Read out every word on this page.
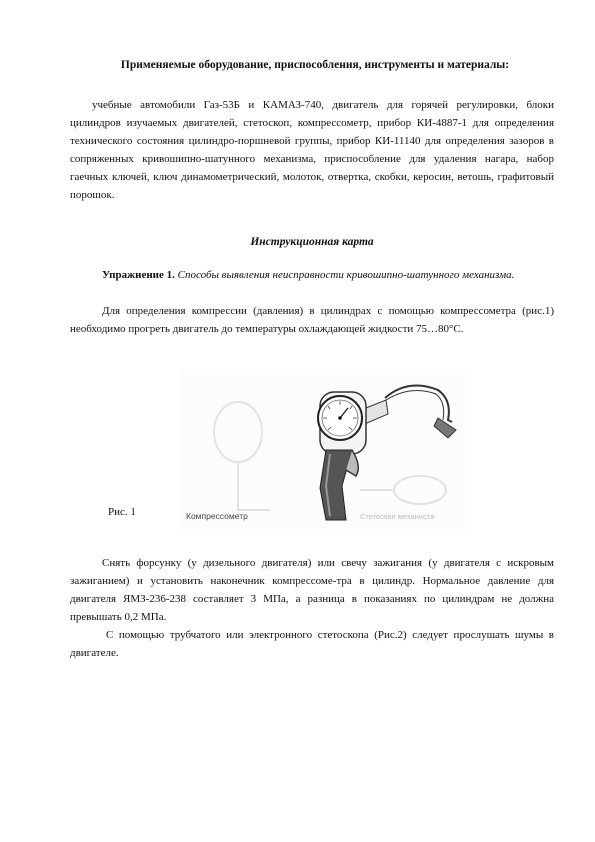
Применяемые оборудование, приспособления, инструменты и материалы:
учебные автомобили Газ-53Б и КАМАЗ-740, двигатель для горячей регулировки, блоки цилиндров изучаемых двигателей, стетоскоп, компрессометр, прибор КИ-4887-1 для определения технического состояния цилиндро-поршневой группы, прибор КИ-11140 для определения зазоров в сопряженных кривошипно-шатунного механизма, приспособление для удаления нагара, набор гаечных ключей, ключ динамометрический, молоток, отвертка, скобки, керосин, ветошь, графитовый порошок.
Инструкционная карта
Упражнение 1. Способы выявления неисправности кривошипно-шатунного механизма.
Для определения компрессии (давления) в цилиндрах с помощью компрессометра (рис.1) необходимо прогреть двигатель до температуры охлаждающей жидкости 75…80°С.
Рис. 1	Компрессометр	Стетоскоп механиста
Снять форсунку (у дизельного двигателя) или свечу зажигания (у двигателя с искровым зажиганием) и установить наконечник компрессоме-тра в цилиндр. Нормальное давление для двигателя ЯМЗ-236-238 составляет 3 МПа, а разница в показаниях по цилиндрам не должна превышать 0,2 МПа.
С помощью трубчатого или электронного стетоскопа (Рис.2) следует прослушать шумы в двигателе.
